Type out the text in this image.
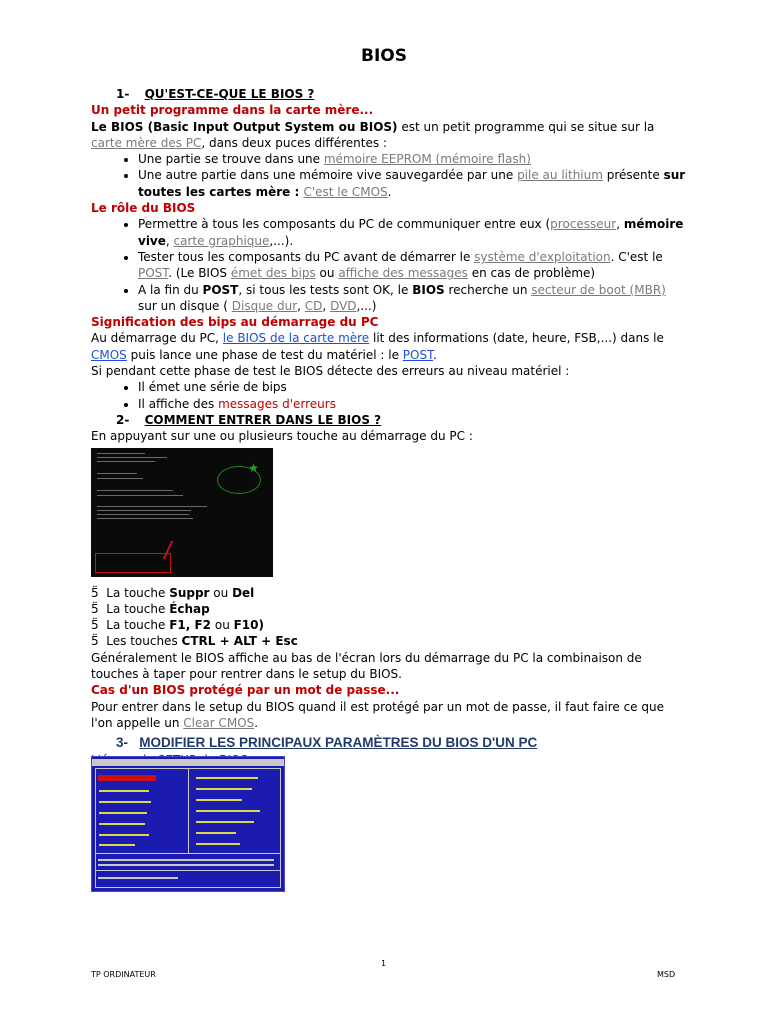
BIOS

1- QU'EST-CE-QUE LE BIOS ?

Un petit programme dans la carte mère...

Le BIOS (Basic Input Output System ou BIOS) est un petit programme qui se situe sur la carte mère des PC, dans deux puces différentes :

• Une partie se trouve dans une mémoire EEPROM (mémoire flash)
• Une autre partie dans une mémoire vive sauvegardée par une pile au lithium présente sur toutes les cartes mère : C'est le CMOS.

Le rôle du BIOS

• Permettre à tous les composants du PC de communiquer entre eux (processeur, mémoire vive, carte graphique,...).
• Tester tous les composants du PC avant de démarrer le système d'exploitation. C'est le POST. (Le BIOS émet des bips ou affiche des messages en cas de problème)
• A la fin du POST, si tous les tests sont OK, le BIOS recherche un secteur de boot (MBR) sur un disque ( Disque dur, CD, DVD,...)

Signification des bips au démarrage du PC

Au démarrage du PC, le BIOS de la carte mère lit des informations (date, heure, FSB,...) dans le CMOS puis lance une phase de test du matériel : le POST.

Si pendant cette phase de test le BIOS détecte des erreurs au niveau matériel :

• Il émet une série de bips
• Il affiche des messages d'erreurs

2- COMMENT ENTRER DANS LE BIOS ?

En appuyant sur une ou plusieurs touche au démarrage du PC :

5̈ La touche Suppr ou Del
5̈ La touche Échap
5̈ La touche F1, F2 ou F10)
5̈ Les touches CTRL + ALT + Esc

Généralement le BIOS affiche au bas de l'écran lors du démarrage du PC la combinaison de touches à taper pour rentrer dans le setup du BIOS.

Cas d'un BIOS protégé par un mot de passe...

Pour entrer dans le setup du BIOS quand il est protégé par un mot de passe, il faut faire ce que l'on appelle un Clear CMOS.

3- MODIFIER LES PRINCIPAUX PARAMÈTRES DU BIOS D'UN PC

★
1
TP ORDINATEUR	MSD
